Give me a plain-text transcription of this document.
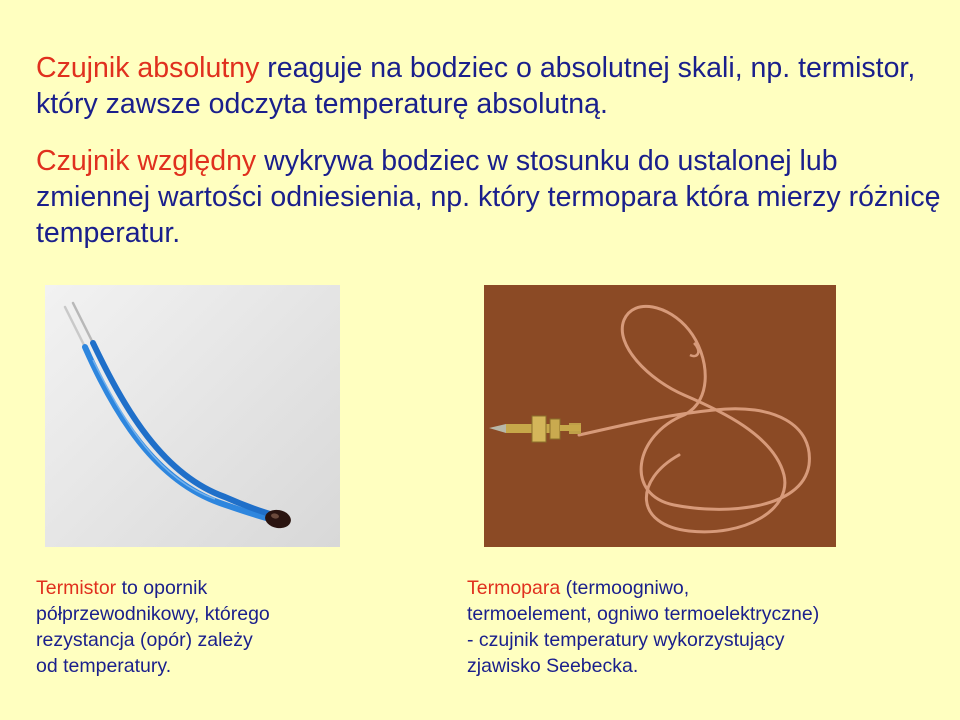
Czujnik absolutny reaguje na bodziec o absolutnej skali, np. termistor, który zawsze odczyta temperaturę absolutną.

Czujnik względny wykrywa bodziec w stosunku do ustalonej lub zmiennej wartości odniesienia, np. który termopara która mierzy różnicę temperatur.

Termistor to opornik
półprzewodnikowy, którego
rezystancja (opór) zależy
od temperatury.
Termopara (termoogniwo,
termoelement, ogniwo termoelektryczne)
- czujnik temperatury wykorzystujący
zjawisko Seebecka.
